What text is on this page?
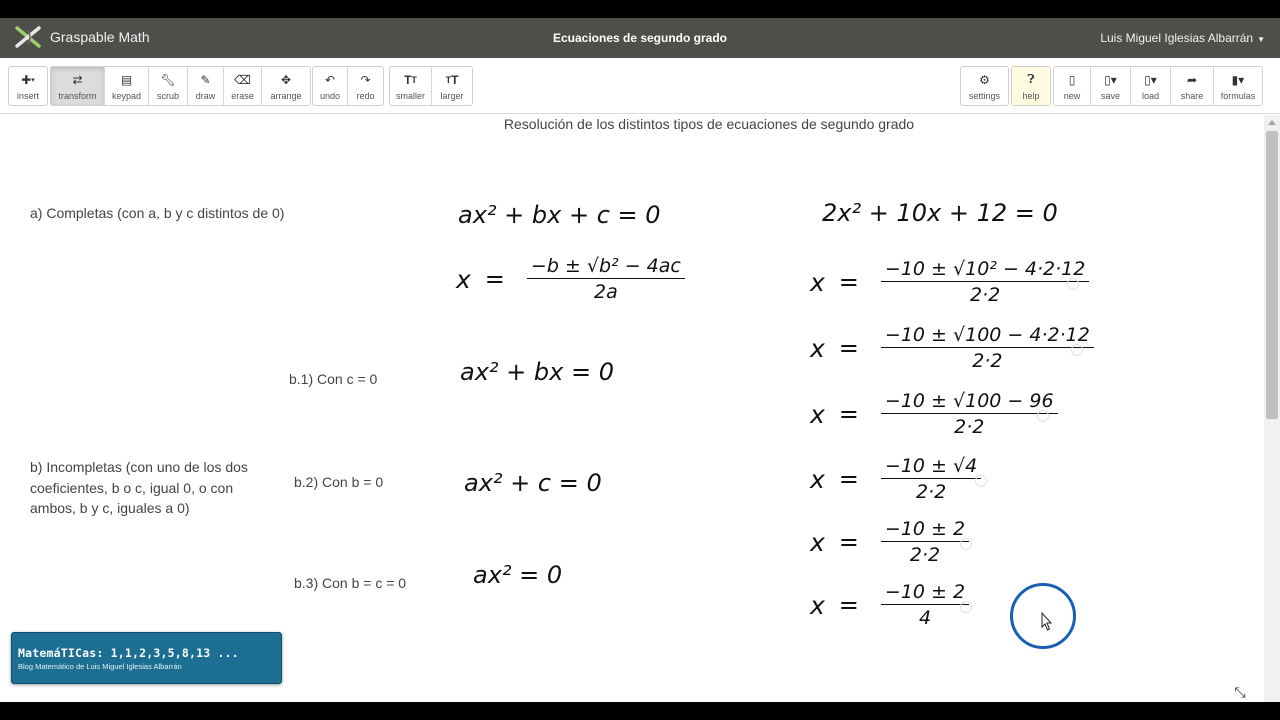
Graspable Math	Ecuaciones de segundo grado	Luis Miguel Iglesias Albarrán ▼
✚ ▾
insert
⇄
transform
▤
keypad
🔧︎
scrub
✎
draw
⌫
erase
✥
arrange
↶
undo
↷
redo
T T
smaller
T T
larger
⚙
settings
❓︎
help
▯
new
▯▾
save
▯▾
load
➦
share
▮▾
formulas
Resolución de los distintos tipos de ecuaciones de segundo grado
a) Completas (con a, b y c distintos de 0)
b) Incompletas (con uno de los dos coeficientes, b o c, igual 0, o con ambos, b y c, iguales a 0)
b.1) Con c = 0
b.2) Con b = 0
b.3) Con b = c = 0
ax² + bx + c = 0
$x = \frac{\text{−b ± √b² − 4ac}}{2a}$
ax² + bx = 0
ax² + c = 0
ax² = 0
2x² + 10x + 12 = 0
$x = \frac{\text{−10 ± √10² − 4·2·12}}{2\cdot 2}$
$x = \frac{-10 \pm √100 - 4\cdot 2\cdot 12}{2\cdot 2}$
$x = \frac{-10 \pm √100 - 96}{2\cdot 2}$
$x = \frac{-10 \pm √4}{2\cdot 2}$
$x = \frac{-10 \pm 2}{2\cdot 2}$
$x = \frac{-10 \pm 2}{4}$
⤡
MatemáTICas: 1,1,2,3,5,8,13 ...
Blog Matemático de Luis Miguel Iglesias Albarrán
